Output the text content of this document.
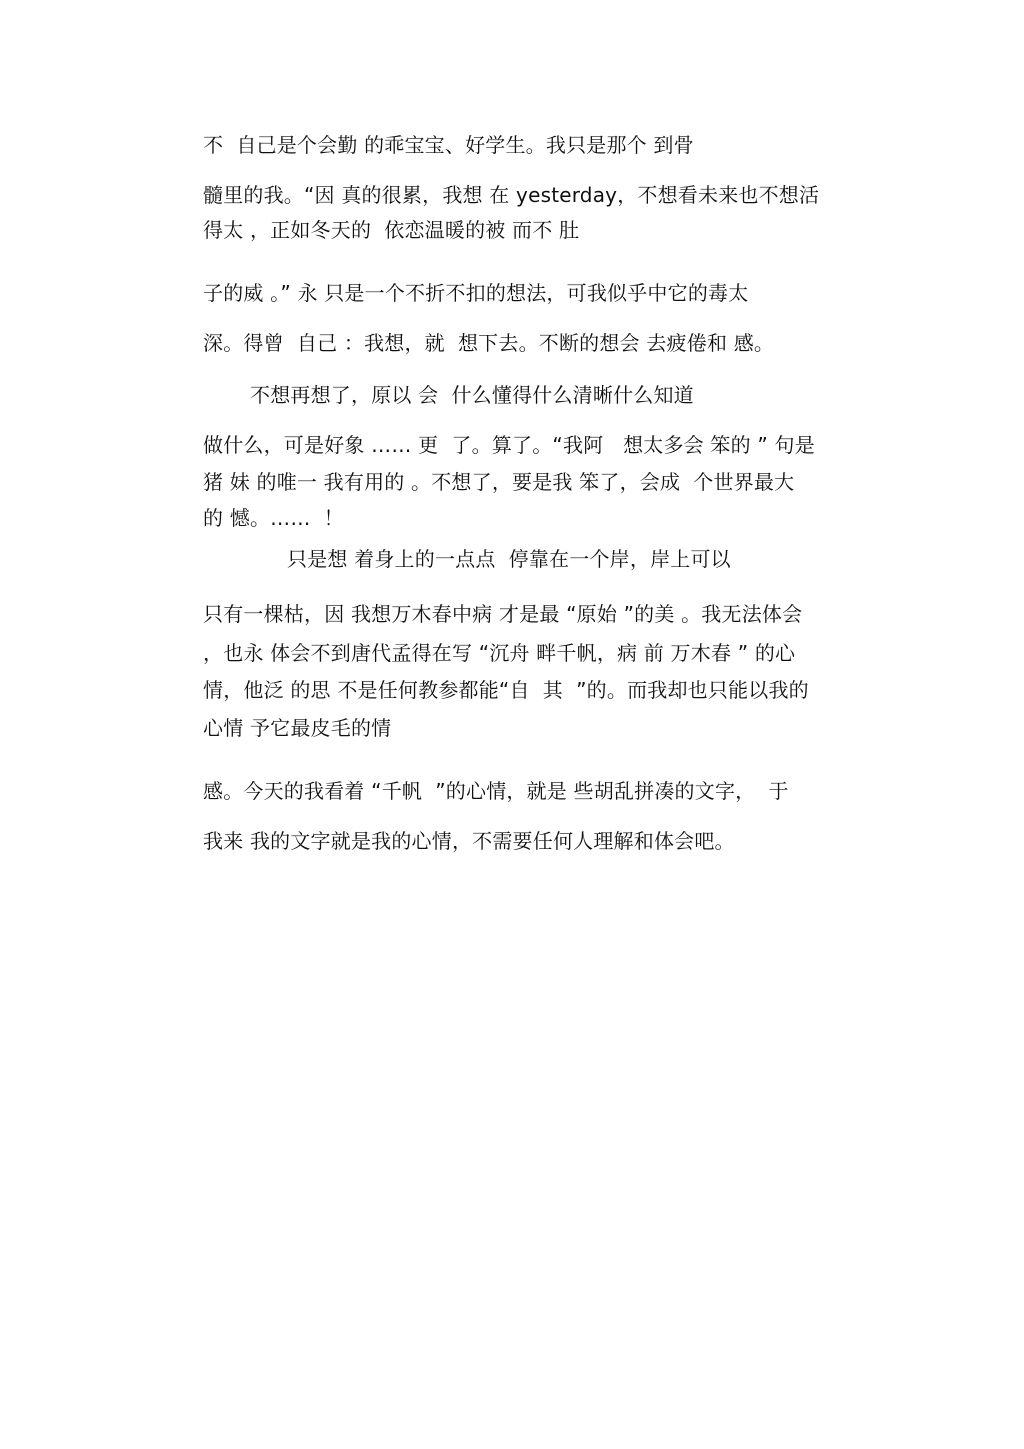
不  自己是个会勤 的乖宝宝、好学生。我只是那个 到骨
髓里的我。“因 真的很累，我想 在 yesterday，不想看未来也不想活
得太 ，正如冬天的  依恋温暖的被 而不 肚
子的威 。” 永 只是一个不折不扣的想法，可我似乎中它的毒太
深。得曾  自己 ：我想，就  想下去。不断的想会 去疲倦和 感。
不想再想了，原以 会  什么懂得什么清晰什么知道
做什么，可是好象 …… 更  了。算了。“我阿   想太多会 笨的 ” 句是
猪 妹 的唯一 我有用的 。不想了，要是我 笨了，会成  个世界最大
的 憾。……  ！
只是想 着身上的一点点  停靠在一个岸，岸上可以
只有一棵枯，因 我想万木春中病 才是最 “原始 ”的美 。我无法体会
，也永 体会不到唐代孟得在写 “沉舟 畔千帆，病 前 万木春 ” 的心
情，他泛 的思 不是任何教参都能“自  其  ”的。而我却也只能以我的
心情 予它最皮毛的情
感。今天的我看着 “千帆  ”的心情，就是 些胡乱拼凑的文字，  于
我来 我的文字就是我的心情，不需要任何人理解和体会吧。
